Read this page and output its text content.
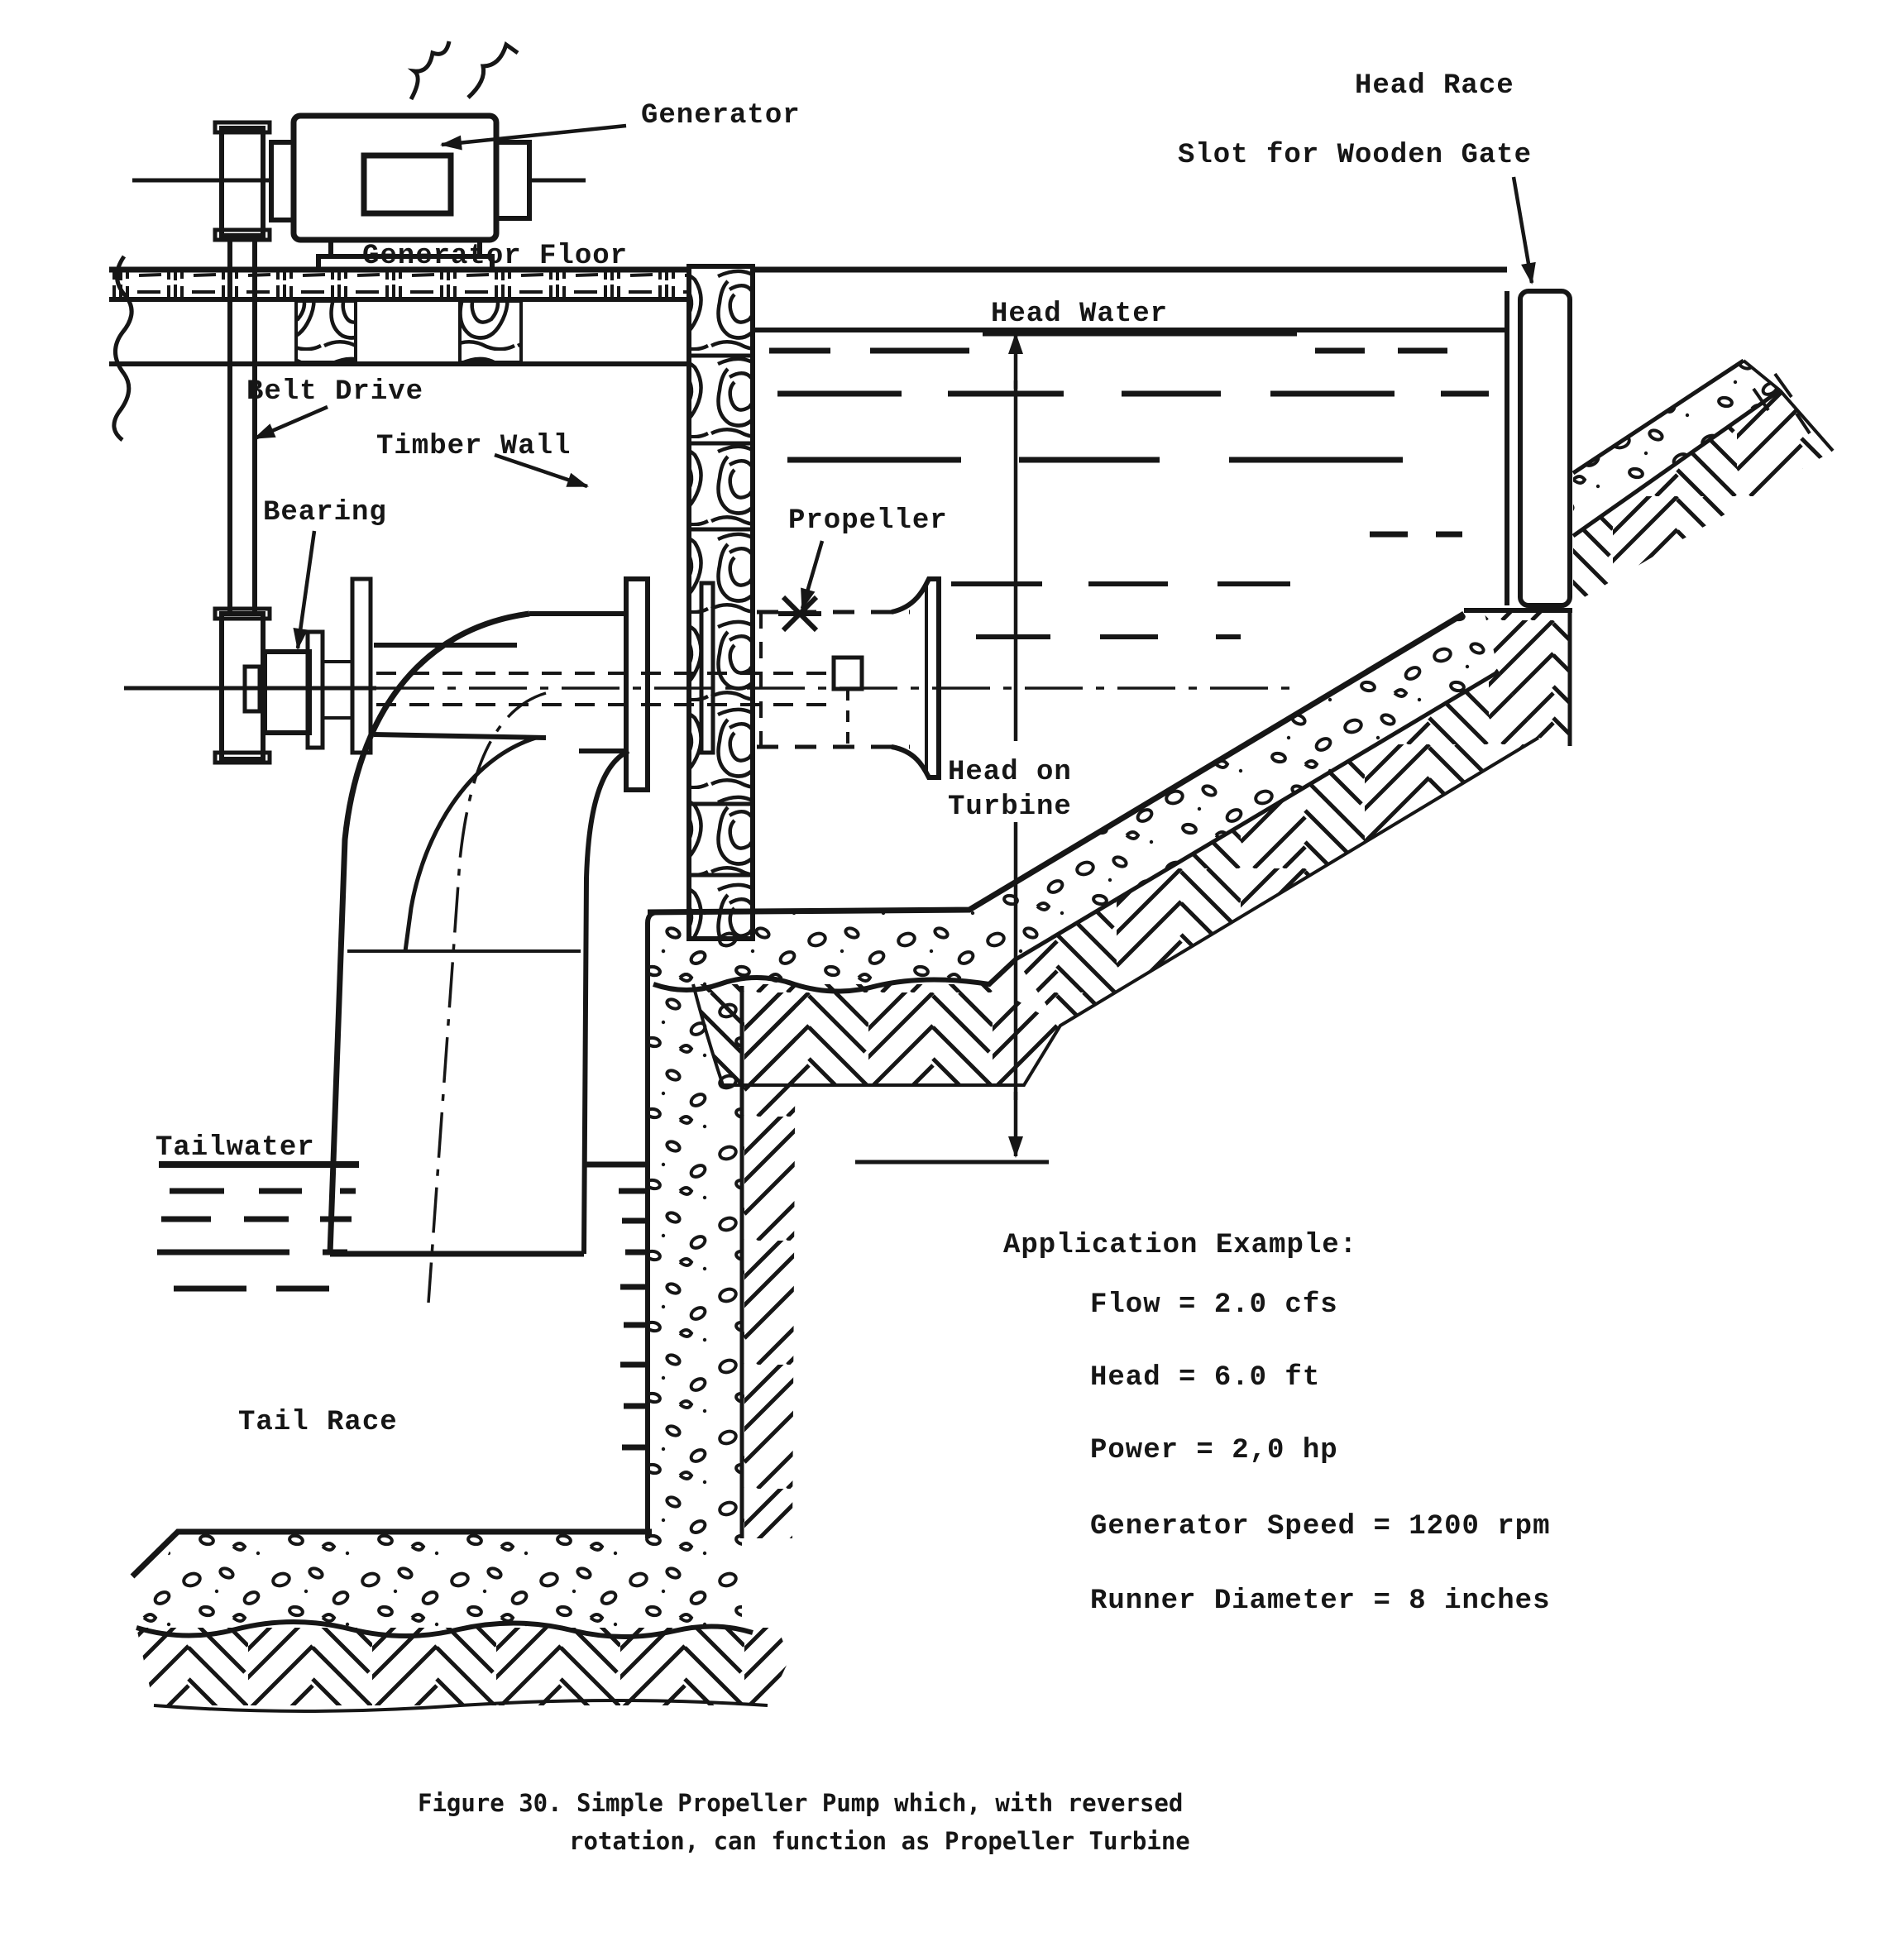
Generator
Head Race
Slot for Wooden Gate
Generator Floor
Head Water
Belt Drive
Timber Wall
Bearing	Propeller
Head on
Turbine
Tailwater
Tail Race
Application Example:
Flow = 2.0 cfs
Head = 6.0 ft
Power = 2,0 hp
Generator Speed = 1200 rpm
Runner Diameter = 8 inches
Figure 30. Simple Propeller Pump which, with reversed
rotation, can function as Propeller Turbine
